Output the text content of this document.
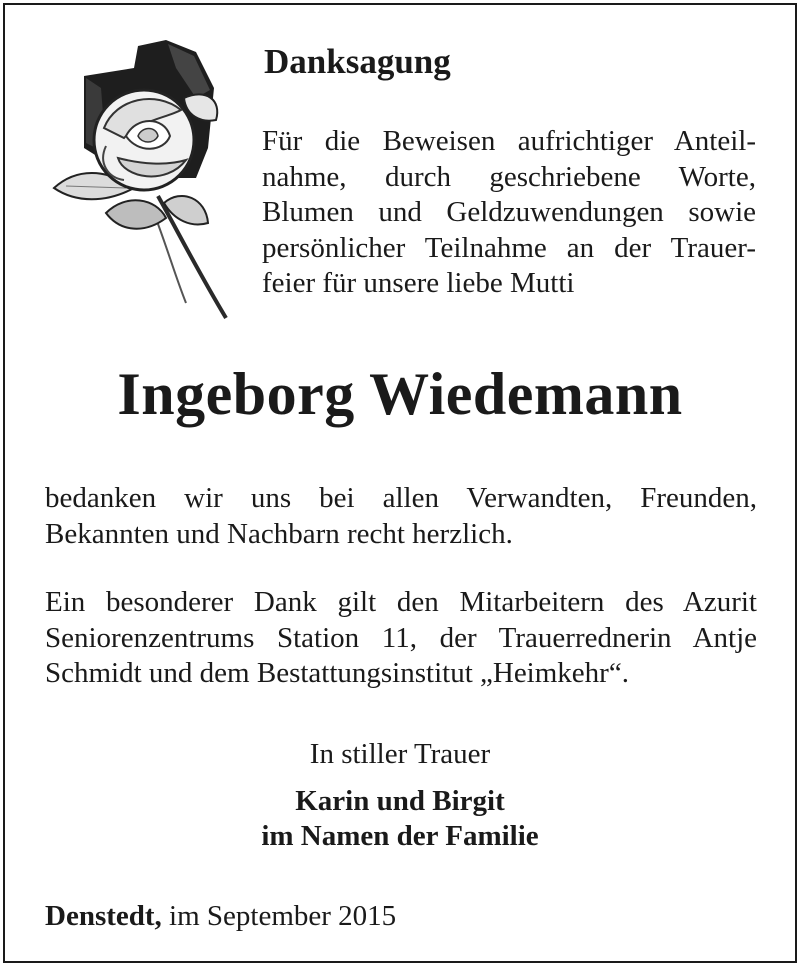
Danksagung

Für die Beweisen aufrichtiger Anteil-
nahme, durch geschriebene Worte,
Blumen und Geldzuwendungen sowie
persönlicher Teilnahme an der Trauer-
feier für unsere liebe Mutti

Ingeborg Wiedemann

bedanken wir uns bei allen Verwandten, Freunden,
Bekannten und Nachbarn recht herzlich.

Ein besonderer Dank gilt den Mitarbeitern des Azurit
Seniorenzentrums Station 11, der Trauerrednerin Antje
Schmidt und dem Bestattungsinstitut „Heimkehr“.

In stiller Trauer

Karin und Birgit
im Namen der Familie

Denstedt, im September 2015
